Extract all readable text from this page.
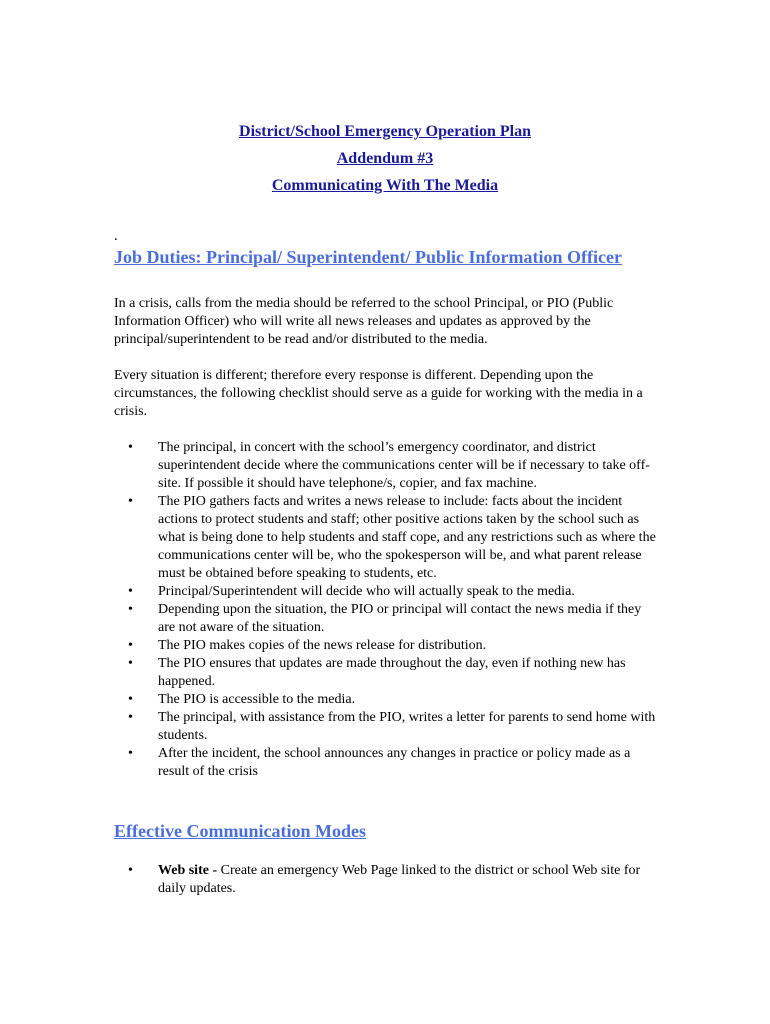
District/School Emergency Operation Plan
Addendum #3
Communicating With The Media
.
Job Duties: Principal/ Superintendent/ Public Information Officer
In a crisis, calls from the media should be referred to the school Principal, or PIO (Public Information Officer) who will write all news releases and updates as approved by the principal/superintendent to be read and/or distributed to the media.
Every situation is different; therefore every response is different. Depending upon the circumstances, the following checklist should serve as a guide for working with the media in a crisis.
• The principal, in concert with the school’s emergency coordinator, and district superintendent decide where the communications center will be if necessary to take off-site. If possible it should have telephone/s, copier, and fax machine.
• The PIO gathers facts and writes a news release to include: facts about the incident actions to protect students and staff; other positive actions taken by the school such as what is being done to help students and staff cope, and any restrictions such as where the communications center will be, who the spokesperson will be, and what parent release must be obtained before speaking to students, etc.
• Principal/Superintendent will decide who will actually speak to the media.
• Depending upon the situation, the PIO or principal will contact the news media if they are not aware of the situation.
• The PIO makes copies of the news release for distribution.
• The PIO ensures that updates are made throughout the day, even if nothing new has happened.
• The PIO is accessible to the media.
• The principal, with assistance from the PIO, writes a letter for parents to send home with students.
• After the incident, the school announces any changes in practice or policy made as a result of the crisis
Effective Communication Modes
• Web site - Create an emergency Web Page linked to the district or school Web site for daily updates.
